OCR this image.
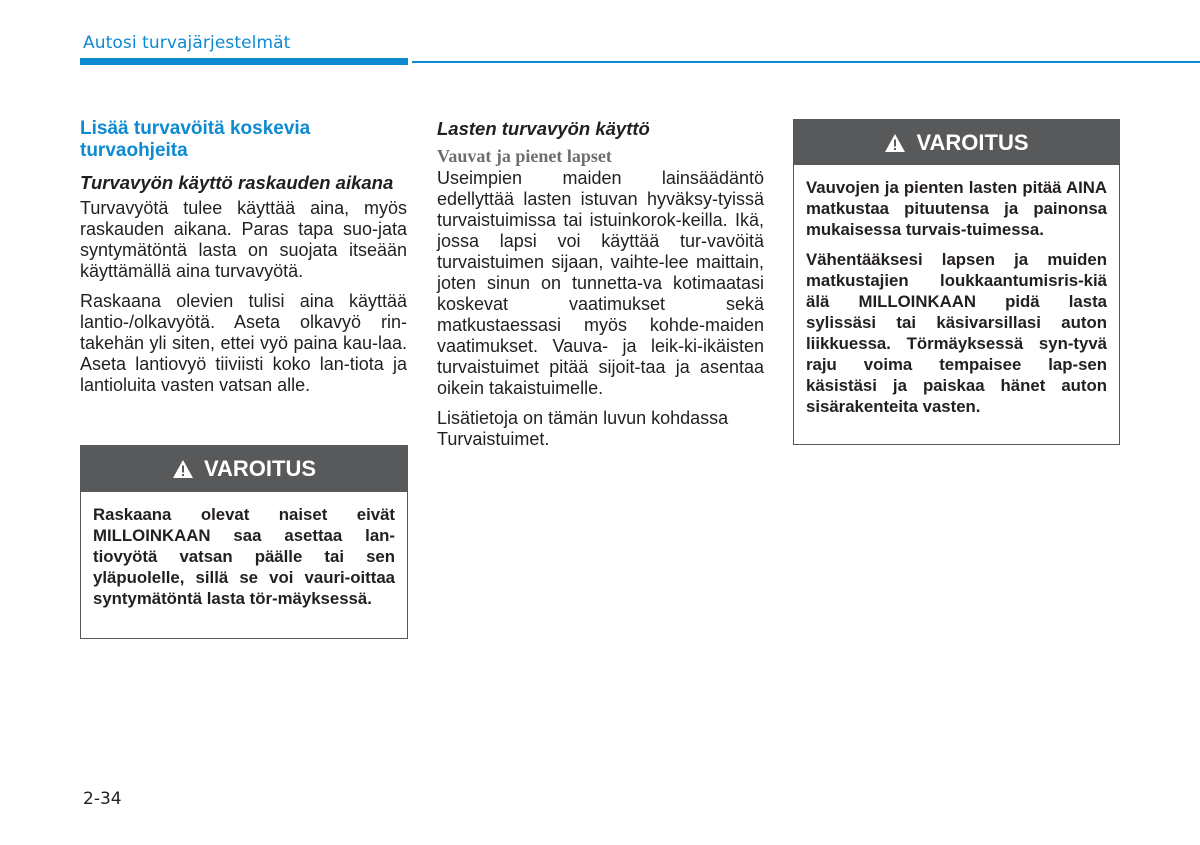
Autosi turvajärjestelmät
Lisää turvavöitä koskevia turvaohjeita
Turvavyön käyttö raskauden aikana

Turvavyötä tulee käyttää aina, myös raskauden aikana. Paras tapa suo-jata syntymätöntä lasta on suojata itseään käyttämällä aina turvavyötä.

Raskaana olevien tulisi aina käyttää lantio-/olkavyötä. Aseta olkavyö rin-takehän yli siten, ettei vyö paina kau-laa. Aseta lantiovyö tiiviisti koko lan-tiota ja lantioluita vasten vatsan alle.

VAROITUS

Raskaana olevat naiset eivät MILLOINKAAN saa asettaa lan-tiovyötä vatsan päälle tai sen yläpuolelle, sillä se voi vauri-oittaa syntymätöntä lasta tör-mäyksessä.

Lasten turvavyön käyttö
Vauvat ja pienet lapset

Useimpien maiden lainsäädäntö edellyttää lasten istuvan hyväksy-tyissä turvaistuimissa tai istuinkorok-keilla. Ikä, jossa lapsi voi käyttää tur-vavöitä turvaistuimen sijaan, vaihte-lee maittain, joten sinun on tunnetta-va kotimaatasi koskevat vaatimukset sekä matkustaessasi myös kohde-maiden vaatimukset. Vauva- ja leik-ki-ikäisten turvaistuimet pitää sijoit-taa ja asentaa oikein takaistuimelle.

Lisätietoja on tämän luvun kohdassa Turvaistuimet.

VAROITUS

Vauvojen ja pienten lasten pitää AINA matkustaa pituutensa ja painonsa mukaisessa turvais-tuimessa.

Vähentääksesi lapsen ja muiden matkustajien loukkaantumisris-kiä älä MILLOINKAAN pidä lasta sylissäsi tai käsivarsillasi auton liikkuessa. Törmäyksessä syn-tyvä raju voima tempaisee lap-sen käsistäsi ja paiskaa hänet auton sisärakenteita vasten.

2-34
